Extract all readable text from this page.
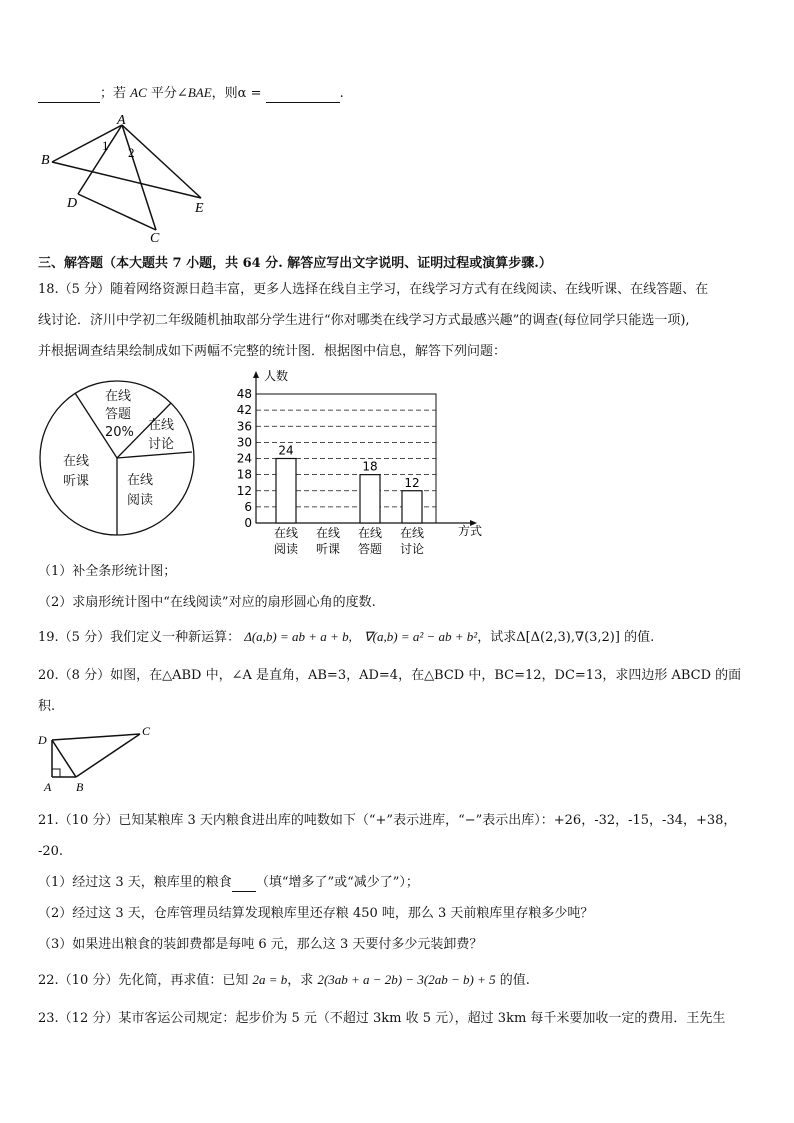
；若 AC 平分∠BAE，则α =	.
A
B
D	E
C
1 2
三、解答题（本大题共 7 小题，共 64 分. 解答应写出文字说明、证明过程或演算步骤.）
18.（5 分）随着网络资源日趋丰富，更多人选择在线自主学习，在线学习方式有在线阅读、在线听课、在线答题、在
线讨论．济川中学初二年级随机抽取部分学生进行“你对哪类在线学习方式最感兴趣”的调查(每位同学只能选一项),
并根据调查结果绘制成如下两幅不完整的统计图．根据图中信息，解答下列问题：
在线
答题
20% 在线
讨论
在线
听课	在线
阅读
人数
0
6
12
18
24
30
36
42
48
24
在线
阅读
在线
听课
18
在线
答题
12
在线
讨论
方式
（1）补全条形统计图；
（2）求扇形统计图中“在线阅读”对应的扇形圆心角的度数.
19.（5 分）我们定义一种新运算： Δ(a,b) = ab + a + b, ∇(a,b) = a² − ab + b²，试求Δ[Δ(2,3),∇(3,2)] 的值.
20.（8 分）如图，在△ABD 中，∠A 是直角，AB=3，AD=4，在△BCD 中，BC=12，DC=13，求四边形 ABCD 的面
积.
D
C
A B
21.（10 分）已知某粮库 3 天内粮食进出库的吨数如下（“+”表示进库，“−”表示出库）：+26，-32，-15，-34，+38，
-20.
（1）经过这 3 天，粮库里的粮食 （填“增多了”或“减少了”）；
（2）经过这 3 天，仓库管理员结算发现粮库里还存粮 450 吨，那么 3 天前粮库里存粮多少吨？
（3）如果进出粮食的装卸费都是每吨 6 元，那么这 3 天要付多少元装卸费？
22.（10 分）先化简，再求值：已知 2a = b，求 2(3ab + a − 2b) − 3(2ab − b) + 5 的值.
23.（12 分）某市客运公司规定：起步价为 5 元（不超过 3km 收 5 元），超过 3km 每千米要加收一定的费用．王先生
